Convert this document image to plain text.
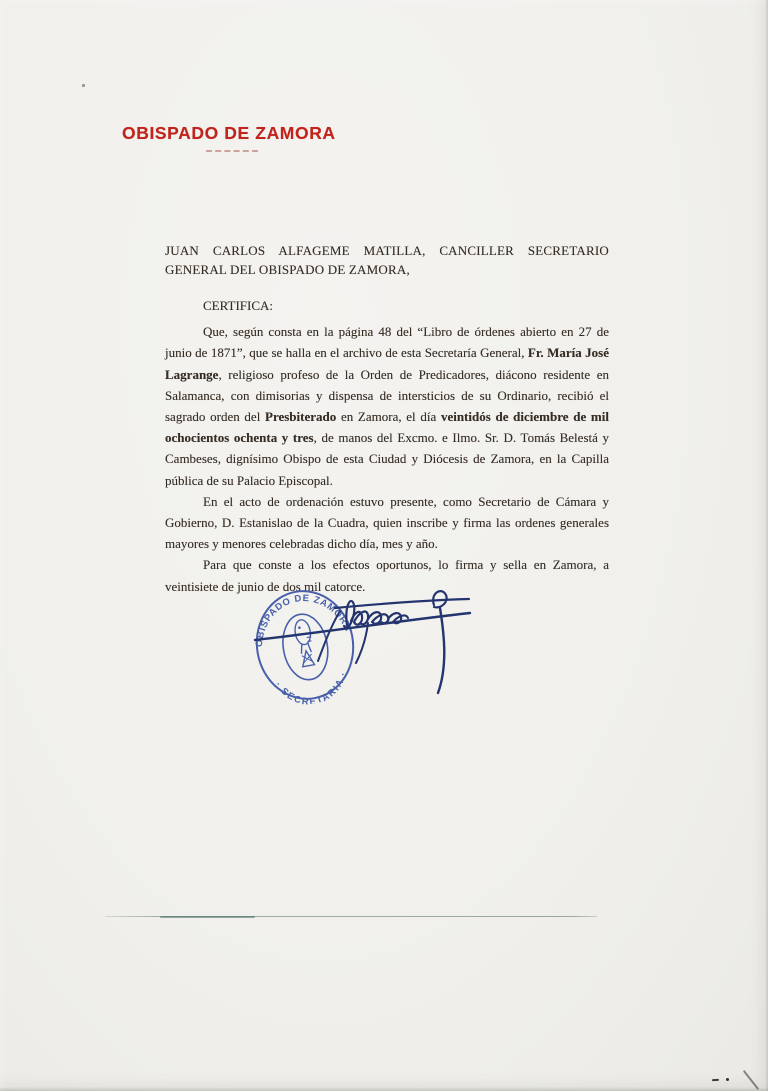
OBISPADO DE ZAMORA

JUAN CARLOS ALFAGEME MATILLA, CANCILLER SECRETARIO GENERAL DEL OBISPADO DE ZAMORA,

CERTIFICA:

Que, según consta en la página 48 del “Libro de órdenes abierto en 27 de junio de 1871”, que se halla en el archivo de esta Secretaría General, Fr. María José Lagrange, religioso profeso de la Orden de Predicadores, diácono residente en Salamanca, con dimisorias y dispensa de intersticios de su Ordinario, recibió el sagrado orden del Presbiterado en Zamora, el día veintidós de diciembre de mil ochocientos ochenta y tres, de manos del Excmo. e Ilmo. Sr. D. Tomás Belestá y Cambeses, dignísimo Obispo de esta Ciudad y Diócesis de Zamora, en la Capilla pública de su Palacio Episcopal.

En el acto de ordenación estuvo presente, como Secretario de Cámara y Gobierno, D. Estanislao de la Cuadra, quien inscribe y firma las ordenes generales mayores y menores celebradas dicho día, mes y año.

Para que conste a los efectos oportunos, lo firma y sella en Zamora, a veintisiete de junio de dos mil catorce.

OBISPADO DE ZAMORA
· SECRETARIA ·
